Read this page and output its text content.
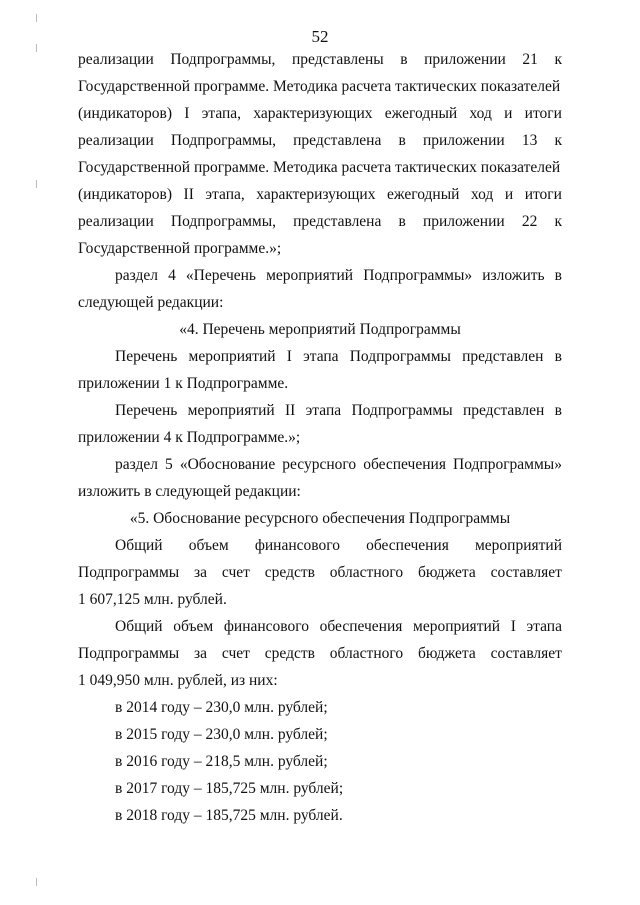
52
реализации Подпрограммы, представлены в приложении 21 к
Государственной программе. Методика расчета тактических показателей
(индикаторов) I этапа, характеризующих ежегодный ход и итоги
реализации Подпрограммы, представлена в приложении 13 к
Государственной программе. Методика расчета тактических показателей
(индикаторов) II этапа, характеризующих ежегодный ход и итоги
реализации Подпрограммы, представлена в приложении 22 к
Государственной программе.»;
раздел 4 «Перечень мероприятий Подпрограммы» изложить в
следующей редакции:
«4. Перечень мероприятий Подпрограммы
Перечень мероприятий I этапа Подпрограммы представлен в
приложении 1 к Подпрограмме.
Перечень мероприятий II этапа Подпрограммы представлен в
приложении 4 к Подпрограмме.»;
раздел 5 «Обоснование ресурсного обеспечения Подпрограммы»
изложить в следующей редакции:
«5. Обоснование ресурсного обеспечения Подпрограммы
Общий объем финансового обеспечения мероприятий
Подпрограммы за счет средств областного бюджета составляет
1 607,125 млн. рублей.
Общий объем финансового обеспечения мероприятий I этапа
Подпрограммы за счет средств областного бюджета составляет
1 049,950 млн. рублей, из них:
в 2014 году – 230,0 млн. рублей;
в 2015 году – 230,0 млн. рублей;
в 2016 году – 218,5 млн. рублей;
в 2017 году – 185,725 млн. рублей;
в 2018 году – 185,725 млн. рублей.
